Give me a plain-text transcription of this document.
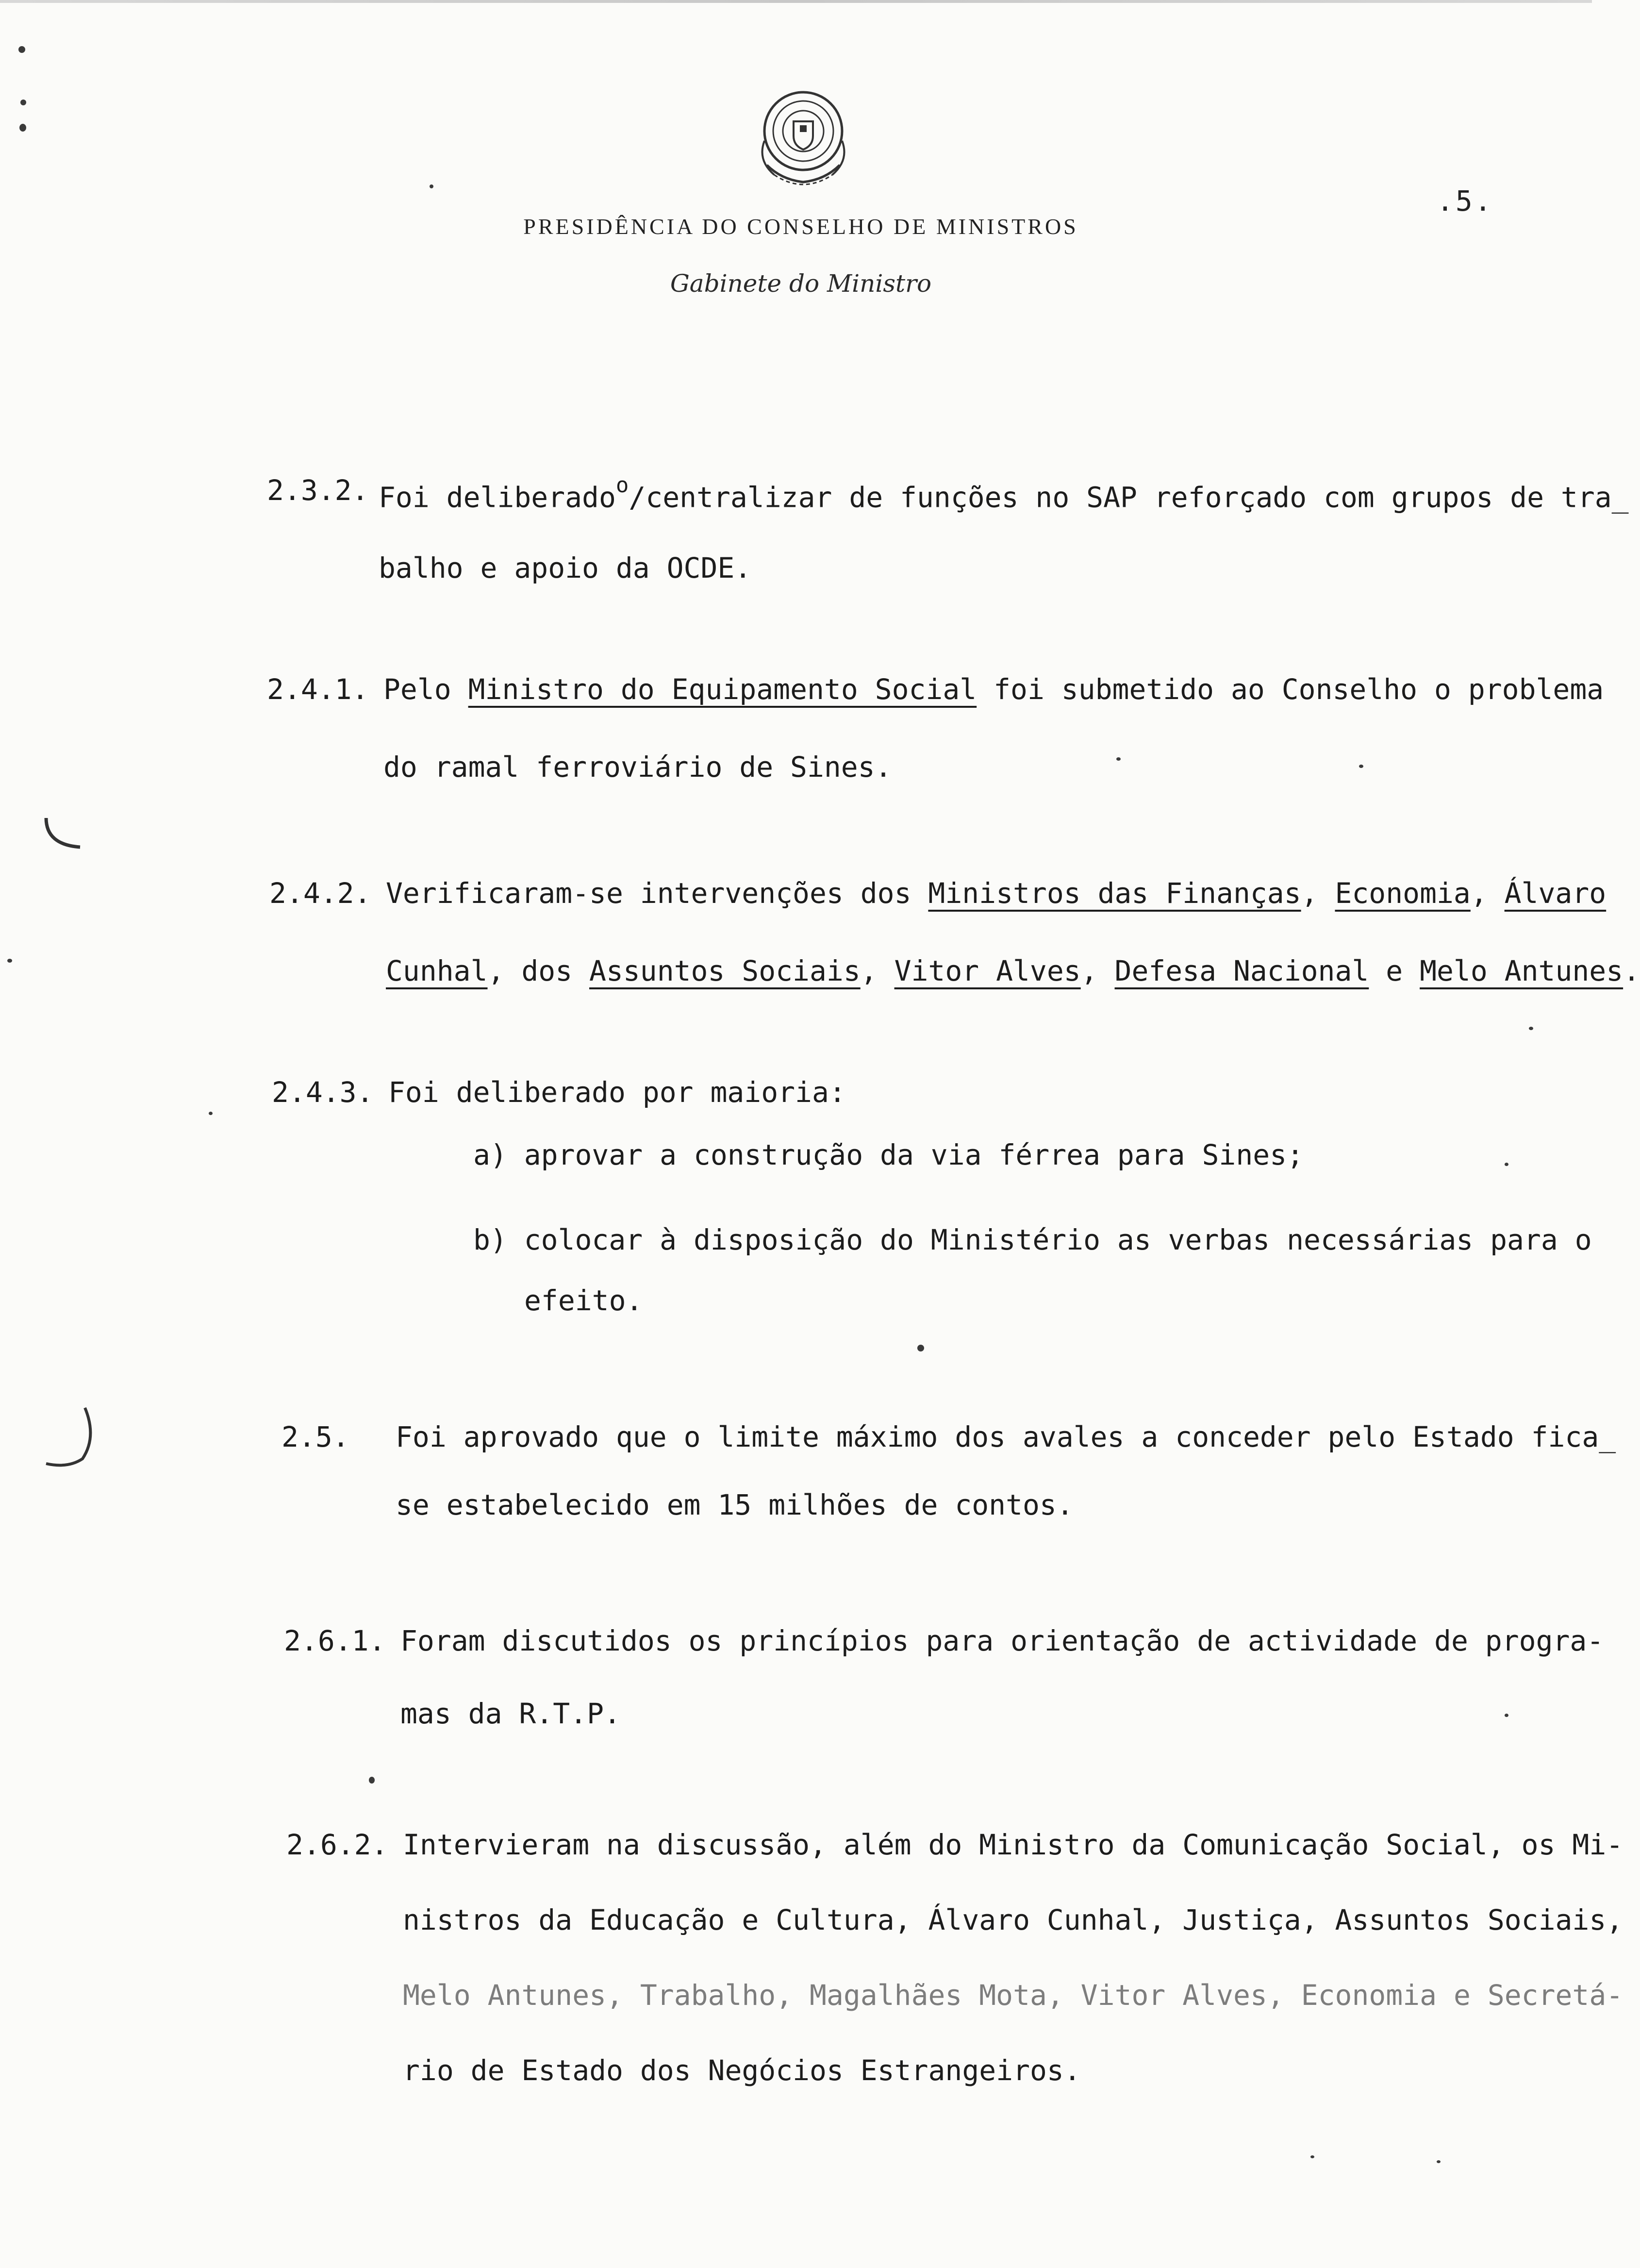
PRESIDÊNCIA DO CONSELHO DE MINISTROS
Gabinete do Ministro
.5.
2.3.2. Foi deliberado$^o$/centralizar de funções no SAP reforçado com grupos de tra_
balho e apoio da OCDE.
2.4.1. Pelo Ministro do Equipamento Social foi submetido ao Conselho o problema
do ramal ferroviário de Sines.
2.4.2. Verificaram-se intervenções dos Ministros das Finanças, Economia, Álvaro
Cunhal, dos Assuntos Sociais, Vitor Alves, Defesa Nacional e Melo Antunes.
2.4.3. Foi deliberado por maioria:
a) aprovar a construção da via férrea para Sines;
b) colocar à disposição do Ministério as verbas necessárias para o
efeito.
2.5. Foi aprovado que o limite máximo dos avales a conceder pelo Estado fica_
se estabelecido em 15 milhões de contos.
2.6.1. Foram discutidos os princípios para orientação de actividade de progra-
mas da R.T.P.
2.6.2. Intervieram na discussão, além do Ministro da Comunicação Social, os Mi-
nistros da Educação e Cultura, Álvaro Cunhal, Justiça, Assuntos Sociais,
Melo Antunes, Trabalho, Magalhães Mota, Vitor Alves, Economia e Secretá-
rio de Estado dos Negócios Estrangeiros.
